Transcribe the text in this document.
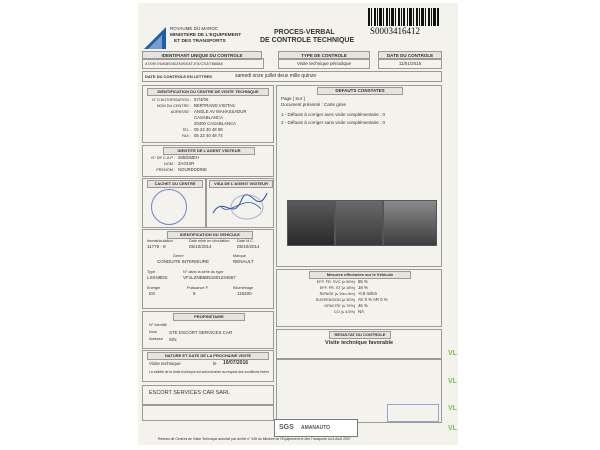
ROYAUME DU MAROC
MINISTERE DE L'EQUIPEMENT
ET DES TRANSPORTS
PROCES-VERBAL
DE CONTROLE TECHNIQUE
S0003416412
IDENTIFIANT UNIQUE DU CONTROLE
47/09/7/5/ABS/40ZN/SEAT-EX/CS3/786888
TYPE DE CONTROLE
Visite technique périodique
DATE DU CONTROLE
11/01/2015
DATE DU CONTROLE EN LETTRES	samedi onze juillet deux mille quinze
IDENTIFICATION DU CENTRE DE VISITE TECHNIQUE
N° D'AUTORISATION : 57/3/06
NOM DU CENTRE : BERTRAND VISITAS
ADRESSE : ANGLE AV MAHASSADUR
CASABLANCA
20400 CASABLANCA
TEL : 05 22 40 48 08
FAX : 05 22 40 48 74
DEFAUTS CONSTATES
Page [ Sur ]
Document présenté : Carte grise
1 - Défauts à corriger avec visite complémentaire : 0
2 - Défauts à corriger sans visite complémentaire : 0
IDENTITE DE L'AGENT VISITEUR
N° DE C.A.P : 285/DMEH
NOM : ZAOUIR
PRENOM : NOUREDDINE
CACHET DU CENTRE	VISA DE L'AGENT VISITEUR
IDENTIFICATION DU VEHICULE
Immatriculation	Date mise en circulation Date M.C.
11779 - 8	05/10/2014	05/10/2014
Genre	Marque
CONDUITE INTERIEURE	RENAULT
Type	N° dans la série du type
LXKN8DS	VF1LZNB6B51601234567
Energie	Puissance F.	Kilométrage
ES	8	116400
PROPRIETAIRE
N° Identité
Nom	STE ESCORT SERVICES CAR
Adresse S/N
NATURE ET DATE DE LA PROCHAINE VISITE
Visite technique	le 10/07/2016
La validité de la visite technique est subordonnée au respect des conditions fixées
ESCORT SERVICES CAR SARL
Mesures effectuées sur le Véhicule
EFF. FR. SVC (≥ 50%) 55 %
EFF. FR. ST (≥ 18%) 18 %
RIPAGE (≤ 10m /km) -0.8 m/km
SUSPENSION (≥ 30%) AV 0 % AR 0 %
OPACITE (≤ 70%) 46 %
CO (≤ 4.5%) NA
RESULTAT DU CONTROLE
Visite technique favorable
SGS AMANAUTO
Réseau de Centres de Visite Technique autorisé par Arrêté n° 248 du Ministre de l'Equipement et des Transports du 6 Août 2007
VL
VL
VL
VL
